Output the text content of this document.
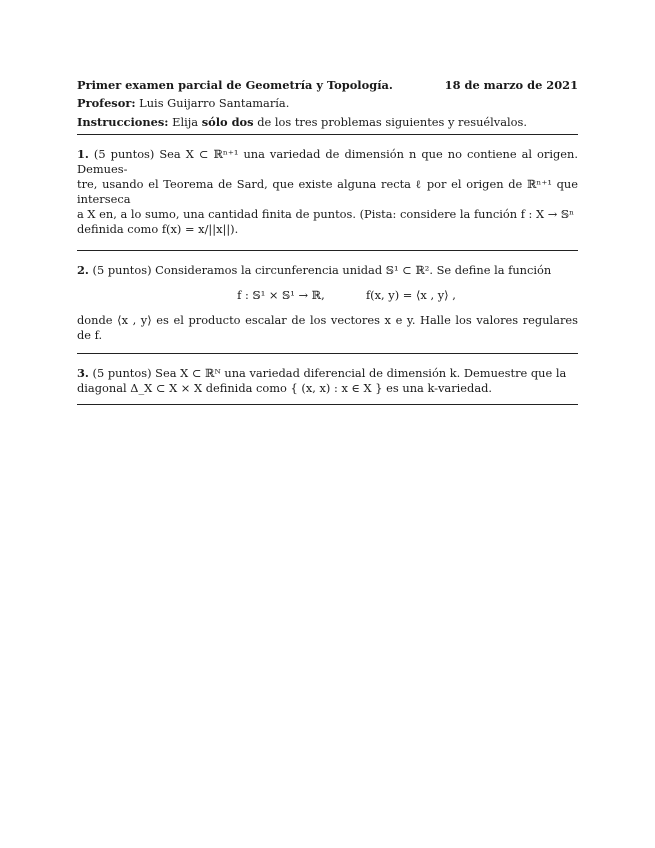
Primer examen parcial de Geometría y Topología.	18 de marzo de 2021
Profesor: Luis Guijarro Santamaría.
Instrucciones: Elija sólo dos de los tres problemas siguientes y resuélvalos.
1. (5 puntos) Sea X ⊂ ℝⁿ⁺¹ una variedad de dimensión n que no contiene al origen. Demues-
tre, usando el Teorema de Sard, que existe alguna recta ℓ por el origen de ℝⁿ⁺¹ que interseca
a X en, a lo sumo, una cantidad finita de puntos. (Pista: considere la función f : X → 𝕊ⁿ
definida como f(x) = x/||x||).
2. (5 puntos) Consideramos la circunferencia unidad 𝕊¹ ⊂ ℝ². Se define la función
f : 𝕊¹ × 𝕊¹ → ℝ,	f(x, y) = ⟨x , y⟩ ,
donde ⟨x , y⟩ es el producto escalar de los vectores x e y. Halle los valores regulares de f.
3. (5 puntos) Sea X ⊂ ℝᴺ una variedad diferencial de dimensión k. Demuestre que la
diagonal Δ_X ⊂ X × X definida como { (x, x) : x ∈ X } es una k-variedad.
